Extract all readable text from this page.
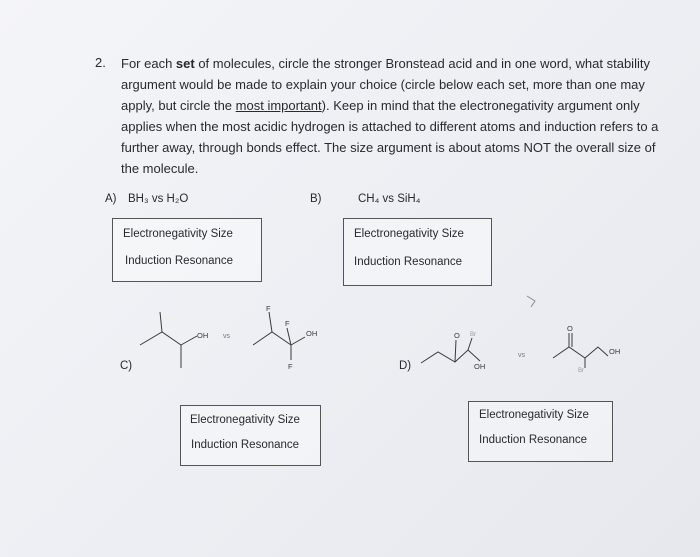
2. For each set of molecules, circle the stronger Bronstead acid and in one word, what stability
argument would be made to explain your choice (circle below each set, more than one may
apply, but circle the most important). Keep in mind that the electronegativity argument only
applies when the most acidic hydrogen is attached to different atoms and induction refers to a
further away, through bonds effect. The size argument is about atoms NOT the overall size of
the molecule.
A) BH₃ vs H₂O
Electronegativity Size
Induction Resonance
B)	CH₄ vs SiH₄
Electronegativity Size
Induction Resonance
C)	D)
OH vs	OH
F
F
F
O
OH
Br
vs
O
OH
Br
Electronegativity Size
Induction Resonance
Electronegativity Size
Induction Resonance
